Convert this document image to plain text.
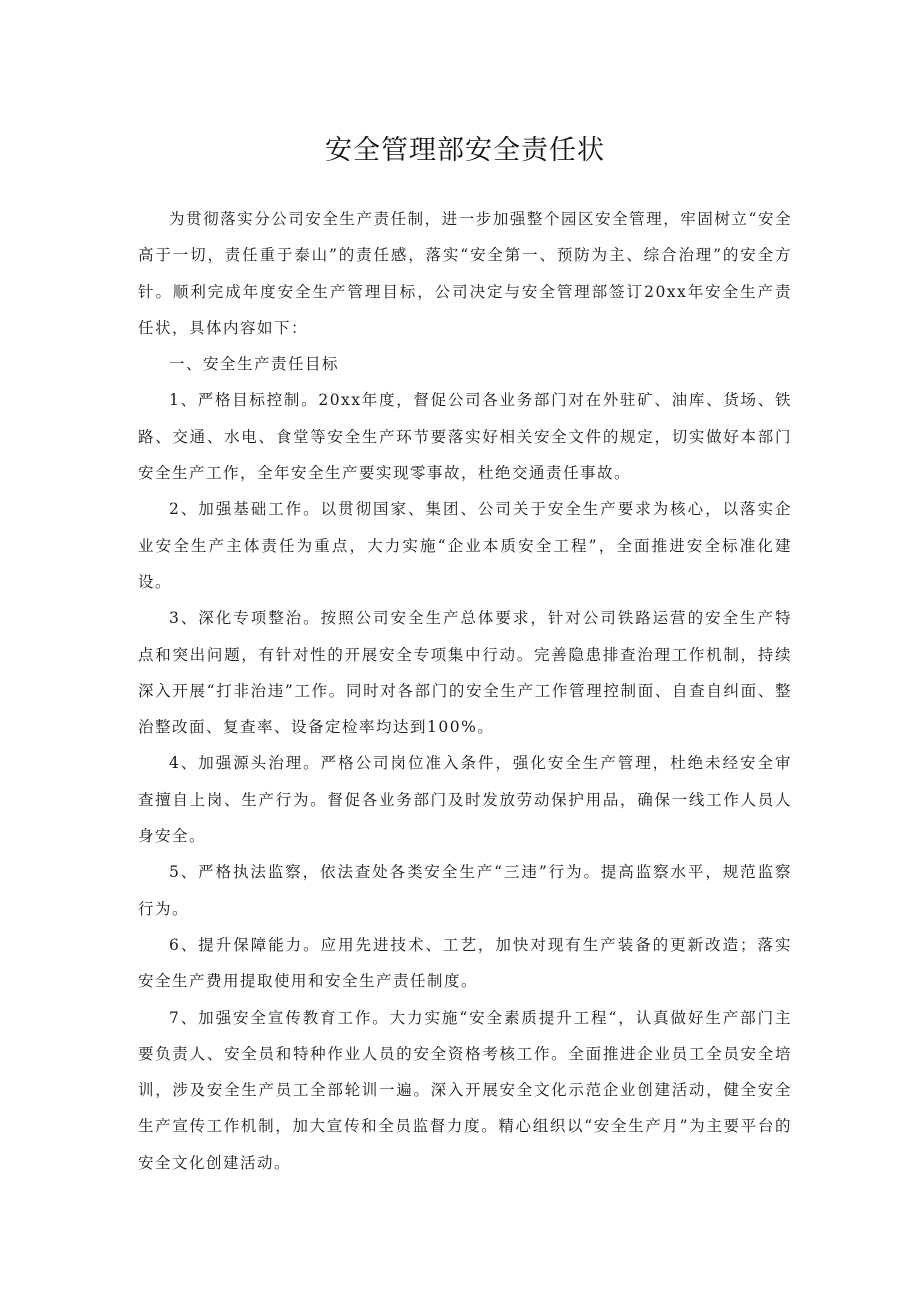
安全管理部安全责任状

为贯彻落实分公司安全生产责任制，进一步加强整个园区安全管理，牢固树立“安全高于一切，责任重于泰山”的责任感，落实“安全第一、预防为主、综合治理”的安全方针。顺利完成年度安全生产管理目标，公司决定与安全管理部签订20xx年安全生产责任状，具体内容如下：

一、安全生产责任目标

1、严格目标控制。20xx年度，督促公司各业务部门对在外驻矿、油库、货场、铁路、交通、水电、食堂等安全生产环节要落实好相关安全文件的规定，切实做好本部门安全生产工作，全年安全生产要实现零事故，杜绝交通责任事故。

2、加强基础工作。以贯彻国家、集团、公司关于安全生产要求为核心，以落实企业安全生产主体责任为重点，大力实施“企业本质安全工程”，全面推进安全标准化建设。

3、深化专项整治。按照公司安全生产总体要求，针对公司铁路运营的安全生产特点和突出问题，有针对性的开展安全专项集中行动。完善隐患排查治理工作机制，持续深入开展“打非治违”工作。同时对各部门的安全生产工作管理控制面、自查自纠面、整治整改面、复查率、设备定检率均达到100%。

4、加强源头治理。严格公司岗位准入条件，强化安全生产管理，杜绝未经安全审查擅自上岗、生产行为。督促各业务部门及时发放劳动保护用品，确保一线工作人员人身安全。

5、严格执法监察，依法查处各类安全生产“三违”行为。提高监察水平，规范监察行为。

6、提升保障能力。应用先进技术、工艺，加快对现有生产装备的更新改造；落实安全生产费用提取使用和安全生产责任制度。

7、加强安全宣传教育工作。大力实施“安全素质提升工程“，认真做好生产部门主要负责人、安全员和特种作业人员的安全资格考核工作。全面推进企业员工全员安全培训，涉及安全生产员工全部轮训一遍。深入开展安全文化示范企业创建活动，健全安全生产宣传工作机制，加大宣传和全员监督力度。精心组织以“安全生产月”为主要平台的安全文化创建活动。
